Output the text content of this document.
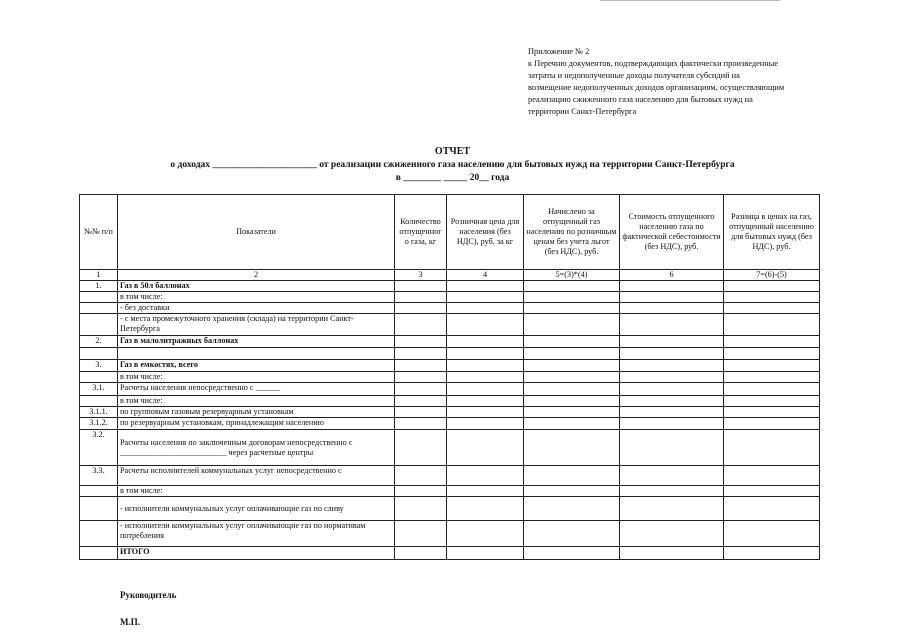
Приложение № 2
к Перечню документов, подтверждающих фактически произведенные
затраты и недополученные доходы получателя субсидий на
возмещение недополученных доходов организациям, осуществляющим
реализацию сжиженного газа населению для бытовых нужд на
территории Санкт-Петербурга
ОТЧЕТ
о доходах ______________________ от реализации сжиженного газа населению для бытовых нужд на территории Санкт-Петербурга
в ________ _____ 20__ года
№№ п/п	Показатели	Количество отпущенног о газа, кг	Розничная цена для населения (без НДС), руб. за кг	Начислено за отпущенный газ населению по розничным ценам без учета льгот (без НДС), руб.	Стоимость отпущенного населению газа по фактической себестоимости (без НДС), руб.	Разница в ценах на газ, отпущенный населению для бытовых нужд (без НДС), руб.
1	2	3	4	5=(3)*(4)	6	7=(6)-(5)
1.	Газ в 50л баллонах					
	в том числе:					
	- без доставки					
	- с места промежуточного хранения (склада) на территории Санкт-Петербурга					
2.	Газ в малолитражных баллонах					

3.	Газ в емкостях, всего					
	в том числе:					
3.1.	Расчеты населения непосредственно с ______					
	в том числе:					
3.1.1.	по групповым газовым резервуарным установкам					
3.1.2.	по резервуарным установкам, принадлежащим населению					
3.2.	Расчеты населения по заключенным договорам непосредственно с __________________________ через расчетные центры					
3.3.	Расчеты исполнителей коммунальных услуг непосредственно с					
	в том числе:					
	- исполнители коммунальных услуг оплачивающие газ по сливу					
	- исполнители коммунальных услуг оплачивающие газ по нормативам потребления					
	ИТОГО					
Руководитель
М.П.
